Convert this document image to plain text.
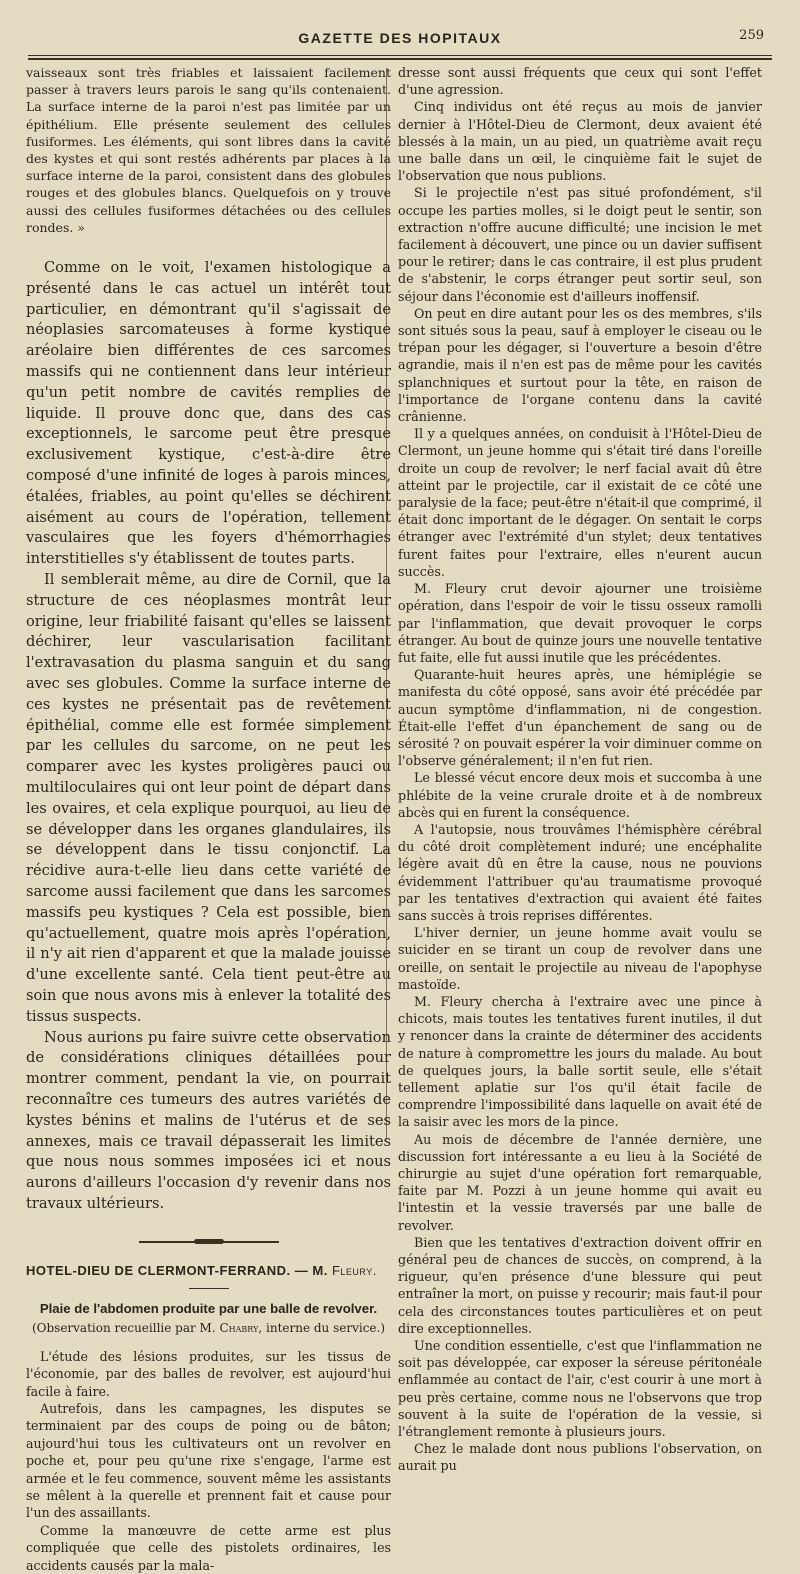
GAZETTE DES HOPITAUX	259

vaisseaux sont très friables et laissaient facilement passer à travers leurs parois le sang qu'ils contenaient. La surface interne de la paroi n'est pas limitée par un épithélium. Elle présente seulement des cellules fusiformes. Les éléments, qui sont libres dans la cavité des kystes et qui sont restés adhérents par places à la surface interne de la paroi, consistent dans des globules rouges et des globules blancs. Quelquefois on y trouve aussi des cellules fusiformes détachées ou des cellules rondes. »

Comme on le voit, l'examen histologique a présenté dans le cas actuel un intérêt tout particulier, en démontrant qu'il s'agissait de néoplasies sarcomateuses à forme kystique aréolaire bien différentes de ces sarcomes massifs qui ne contiennent dans leur intérieur qu'un petit nombre de cavités remplies de liquide. Il prouve donc que, dans des cas exceptionnels, le sarcome peut être presque exclusivement kystique, c'est-à-dire être composé d'une infinité de loges à parois minces, étalées, friables, au point qu'elles se déchirent aisément au cours de l'opération, tellement vasculaires que les foyers d'hémorrhagies interstitielles s'y établissent de toutes parts.

Il semblerait même, au dire de Cornil, que la structure de ces néoplasmes montrât leur origine, leur friabilité faisant qu'elles se laissent déchirer, leur vascularisation facilitant l'extravasation du plasma sanguin et du sang avec ses globules. Comme la surface interne de ces kystes ne présentait pas de revêtement épithélial, comme elle est formée simplement par les cellules du sarcome, on ne peut les comparer avec les kystes proligères pauci ou multiloculaires qui ont leur point de départ dans les ovaires, et cela explique pourquoi, au lieu de se développer dans les organes glandulaires, ils se développent dans le tissu conjonctif. La récidive aura-t-elle lieu dans cette variété de sarcome aussi facilement que dans les sarcomes massifs peu kystiques ? Cela est possible, bien qu'actuellement, quatre mois après l'opération, il n'y ait rien d'apparent et que la malade jouisse d'une excellente santé. Cela tient peut-être au soin que nous avons mis à enlever la totalité des tissus suspects.

Nous aurions pu faire suivre cette observation de considérations cliniques détaillées pour montrer comment, pendant la vie, on pourrait reconnaître ces tumeurs des autres variétés de kystes bénins et malins de l'utérus et de ses annexes, mais ce travail dépasserait les limites que nous nous sommes imposées ici et nous aurons d'ailleurs l'occasion d'y revenir dans nos travaux ultérieurs.

HOTEL-DIEU DE CLERMONT-FERRAND. — M. Fleury.
Plaie de l'abdomen produite par une balle de revolver.
(Observation recueillie par M. Chabry, interne du service.)

L'étude des lésions produites, sur les tissus de l'économie, par des balles de revolver, est aujourd'hui facile à faire.

Autrefois, dans les campagnes, les disputes se terminaient par des coups de poing ou de bâton; aujourd'hui tous les cultivateurs ont un revolver en poche et, pour peu qu'une rixe s'engage, l'arme est armée et le feu commence, souvent même les assistants se mêlent à la querelle et prennent fait et cause pour l'un des assaillants.

Comme la manœuvre de cette arme est plus compliquée que celle des pistolets ordinaires, les accidents causés par la mala-

dresse sont aussi fréquents que ceux qui sont l'effet d'une agression.

Cinq individus ont été reçus au mois de janvier dernier à l'Hôtel-Dieu de Clermont, deux avaient été blessés à la main, un au pied, un quatrième avait reçu une balle dans un œil, le cinquième fait le sujet de l'observation que nous publions.

Si le projectile n'est pas situé profondément, s'il occupe les parties molles, si le doigt peut le sentir, son extraction n'offre aucune difficulté; une incision le met facilement à découvert, une pince ou un davier suffisent pour le retirer; dans le cas contraire, il est plus prudent de s'abstenir, le corps étranger peut sortir seul, son séjour dans l'économie est d'ailleurs inoffensif.

On peut en dire autant pour les os des membres, s'ils sont situés sous la peau, sauf à employer le ciseau ou le trépan pour les dégager, si l'ouverture a besoin d'être agrandie, mais il n'en est pas de même pour les cavités splanchniques et surtout pour la tête, en raison de l'importance de l'organe contenu dans la cavité crânienne.

Il y a quelques années, on conduisit à l'Hôtel-Dieu de Clermont, un jeune homme qui s'était tiré dans l'oreille droite un coup de revolver; le nerf facial avait dû être atteint par le projectile, car il existait de ce côté une paralysie de la face; peut-être n'était-il que comprimé, il était donc important de le dégager. On sentait le corps étranger avec l'extrémité d'un stylet; deux tentatives furent faites pour l'extraire, elles n'eurent aucun succès.

M. Fleury crut devoir ajourner une troisième opération, dans l'espoir de voir le tissu osseux ramolli par l'inflammation, que devait provoquer le corps étranger. Au bout de quinze jours une nouvelle tentative fut faite, elle fut aussi inutile que les précédentes.

Quarante-huit heures après, une hémiplégie se manifesta du côté opposé, sans avoir été précédée par aucun symptôme d'inflammation, ni de congestion. Était-elle l'effet d'un épanchement de sang ou de sérosité ? on pouvait espérer la voir diminuer comme on l'observe généralement; il n'en fut rien.

Le blessé vécut encore deux mois et succomba à une phlébite de la veine crurale droite et à de nombreux abcès qui en furent la conséquence.

A l'autopsie, nous trouvâmes l'hémisphère cérébral du côté droit complètement induré; une encéphalite légère avait dû en être la cause, nous ne pouvions évidemment l'attribuer qu'au traumatisme provoqué par les tentatives d'extraction qui avaient été faites sans succès à trois reprises différentes.

L'hiver dernier, un jeune homme avait voulu se suicider en se tirant un coup de revolver dans une oreille, on sentait le projectile au niveau de l'apophyse mastoïde.

M. Fleury chercha à l'extraire avec une pince à chicots, mais toutes les tentatives furent inutiles, il dut y renoncer dans la crainte de déterminer des accidents de nature à compromettre les jours du malade. Au bout de quelques jours, la balle sortit seule, elle s'était tellement aplatie sur l'os qu'il était facile de comprendre l'impossibilité dans laquelle on avait été de la saisir avec les mors de la pince.

Au mois de décembre de l'année dernière, une discussion fort intéressante a eu lieu à la Société de chirurgie au sujet d'une opération fort remarquable, faite par M. Pozzi à un jeune homme qui avait eu l'intestin et la vessie traversés par une balle de revolver.

Bien que les tentatives d'extraction doivent offrir en général peu de chances de succès, on comprend, à la rigueur, qu'en présence d'une blessure qui peut entraîner la mort, on puisse y recourir; mais faut-il pour cela des circonstances toutes particulières et on peut dire exceptionnelles.

Une condition essentielle, c'est que l'inflammation ne soit pas développée, car exposer la séreuse péritonéale enflammée au contact de l'air, c'est courir à une mort à peu près certaine, comme nous ne l'observons que trop souvent à la suite de l'opération de la vessie, si l'étranglement remonte à plusieurs jours.

Chez le malade dont nous publions l'observation, on aurait pu
